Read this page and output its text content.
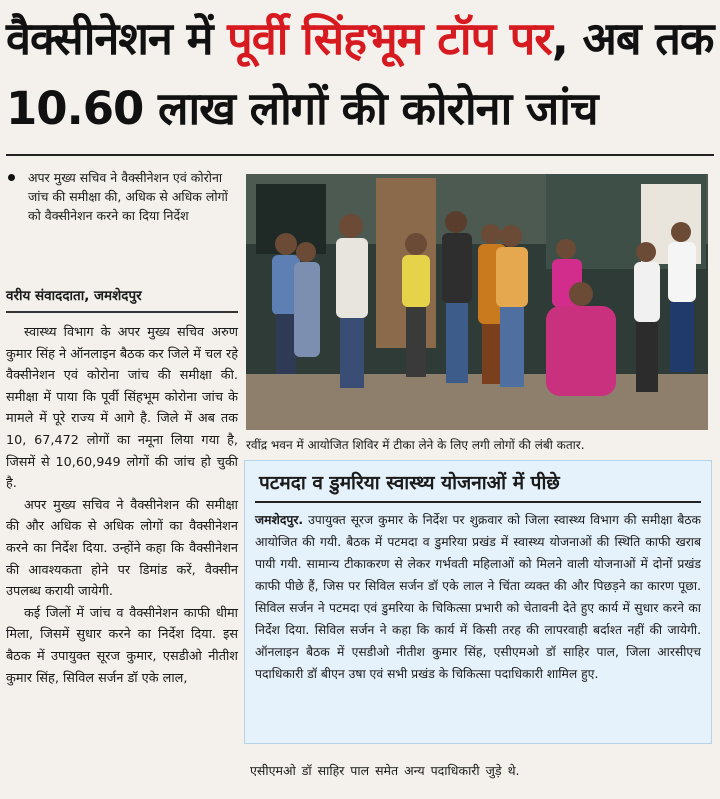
वैक्सीनेशन में पूर्वी सिंहभूम टॉप पर, अब तक 10.60 लाख लोगों की कोरोना जांच

अपर मुख्य सचिव ने वैक्सीनेशन एवं कोरोना जांच की समीक्षा की, अधिक से अधिक लोगों को वैक्सीनेशन करने का दिया निर्देश

वरीय संवाददाता, जमशेदपुर

स्वास्थ्य विभाग के अपर मुख्य सचिव अरुण कुमार सिंह ने ऑनलाइन बैठक कर जिले में चल रहे वैक्सीनेशन एवं कोरोना जांच की समीक्षा की. समीक्षा में पाया कि पूर्वी सिंहभूम कोरोना जांच के मामले में पूरे राज्य में आगे है. जिले में अब तक 10, 67,472 लोगों का नमूना लिया गया है, जिसमें से 10,60,949 लोगों की जांच हो चुकी है.

अपर मुख्य सचिव ने वैक्सीनेशन की समीक्षा की और अधिक से अधिक लोगों का वैक्सीनेशन करने का निर्देश दिया. उन्होंने कहा कि वैक्सीनेशन की आवश्यकता होने पर डिमांड करें, वैक्सीन उपलब्ध करायी जायेगी.

कई जिलों में जांच व वैक्सीनेशन काफी धीमा मिला, जिसमें सुधार करने का निर्देश दिया. इस बैठक में उपायुक्त सूरज कुमार, एसडीओ नीतीश कुमार सिंह, सिविल सर्जन डॉ एके लाल,

रवींद्र भवन में आयोजित शिविर में टीका लेने के लिए लगी लोगों की लंबी कतार.
पटमदा व डुमरिया स्वास्थ्य योजनाओं में पीछे
जमशेदपुर. उपायुक्त सूरज कुमार के निर्देश पर शुक्रवार को जिला स्वास्थ्य विभाग की समीक्षा बैठक आयोजित की गयी. बैठक में पटमदा व डुमरिया प्रखंड में स्वास्थ्य योजनाओं की स्थिति काफी खराब पायी गयी. सामान्य टीकाकरण से लेकर गर्भवती महिलाओं को मिलने वाली योजनाओं में दोनों प्रखंड काफी पीछे हैं, जिस पर सिविल सर्जन डॉ एके लाल ने चिंता व्यक्त की और पिछड़ने का कारण पूछा. सिविल सर्जन ने पटमदा एवं डुमरिया के चिकित्सा प्रभारी को चेतावनी देते हुए कार्य में सुधार करने का निर्देश दिया. सिविल सर्जन ने कहा कि कार्य में किसी तरह की लापरवाही बर्दाश्त नहीं की जायेगी. ऑनलाइन बैठक में एसडीओ नीतीश कुमार सिंह, एसीएमओ डॉ साहिर पाल, जिला आरसीएच पदाधिकारी डॉ बीएन उषा एवं सभी प्रखंड के चिकित्सा पदाधिकारी शामिल हुए.
एसीएमओ डॉ साहिर पाल समेत अन्य पदाधिकारी जुड़े थे.
